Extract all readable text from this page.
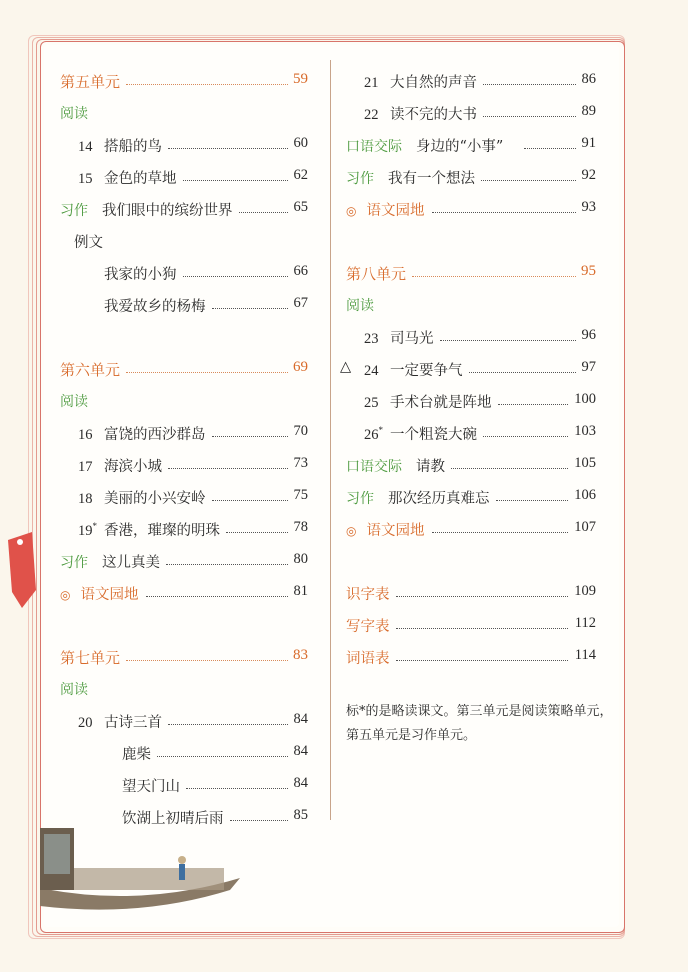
第五单元	59
阅读
14 搭船的鸟	60
15 金色的草地	62
习作 我们眼中的缤纷世界	65
例文
我家的小狗	66
我爱故乡的杨梅	67
第六单元	69
阅读
16 富饶的西沙群岛	70
17 海滨小城	73
18 美丽的小兴安岭	75
19* 香港，璀璨的明珠	78
习作 这儿真美	80
◎ 语文园地	81
第七单元	83
阅读
20 古诗三首	84
鹿柴	84
望天门山	84
饮湖上初晴后雨	85
21 大自然的声音	86
22 读不完的大书	89
口语交际 身边的“小事”	91
习作 我有一个想法	92
◎ 语文园地	93
第八单元	95
阅读
23 司马光	96
△ 24 一定要争气	97
25 手术台就是阵地	100
26* 一个粗瓷大碗	103
口语交际 请教	105
习作 那次经历真难忘	106
◎ 语文园地	107
识字表	109
写字表	112
词语表	114
标*的是略读课文。第三单元是阅读策略单元，第五单元是习作单元。
